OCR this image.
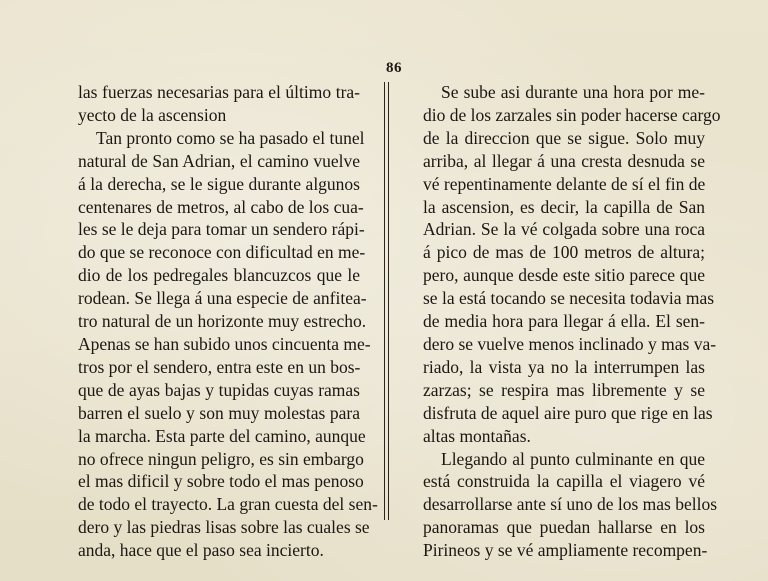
86
las fuerzas necesarias para el último tra-
yecto de la ascension
Tan pronto como se ha pasado el tunel
natural de San Adrian, el camino vuelve
á la derecha, se le sigue durante algunos
centenares de metros, al cabo de los cua-
les se le deja para tomar un sendero rápi-
do que se reconoce con dificultad en me-
dio de los pedregales blancuzcos que le
rodean. Se llega á una especie de anfitea-
tro natural de un horizonte muy estrecho.
Apenas se han subido unos cincuenta me-
tros por el sendero, entra este en un bos-
que de ayas bajas y tupidas cuyas ramas
barren el suelo y son muy molestas para
la marcha. Esta parte del camino, aunque
no ofrece ningun peligro, es sin embargo
el mas dificil y sobre todo el mas penoso
de todo el trayecto. La gran cuesta del sen-
dero y las piedras lisas sobre las cuales se
anda, hace que el paso sea incierto.
Se sube asi durante una hora por me-
dio de los zarzales sin poder hacerse cargo
de la direccion que se sigue. Solo muy
arriba, al llegar á una cresta desnuda se
vé repentinamente delante de sí el fin de
la ascension, es decir, la capilla de San
Adrian. Se la vé colgada sobre una roca
á pico de mas de 100 metros de altura;
pero, aunque desde este sitio parece que
se la está tocando se necesita todavia mas
de media hora para llegar á ella. El sen-
dero se vuelve menos inclinado y mas va-
riado, la vista ya no la interrumpen las
zarzas; se respira mas libremente y se
disfruta de aquel aire puro que rige en las
altas montañas.
Llegando al punto culminante en que
está construida la capilla el viagero vé
desarrollarse ante sí uno de los mas bellos
panoramas que puedan hallarse en los
Pirineos y se vé ampliamente recompen-
